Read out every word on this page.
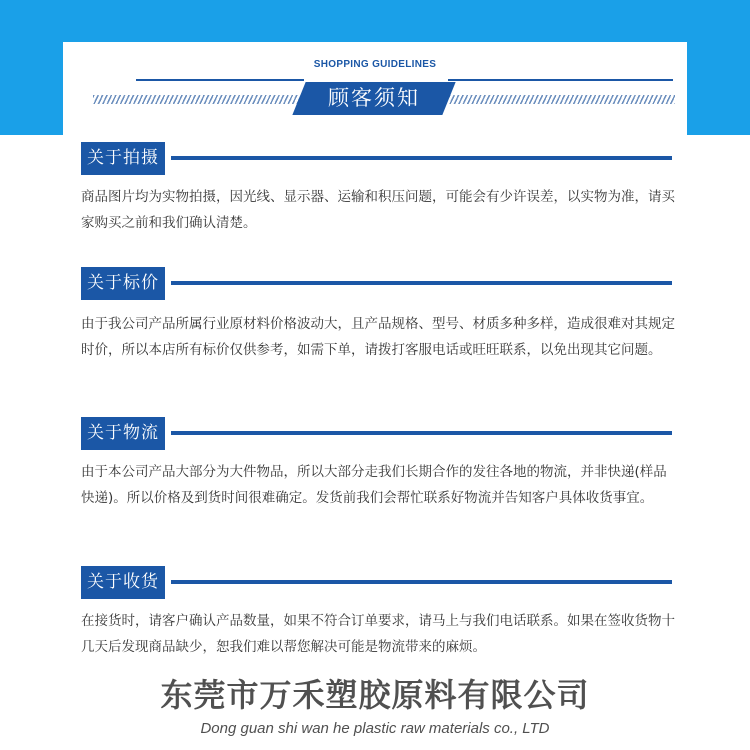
SHOPPING GUIDELINES
顾客须知
关于拍摄
商品图片均为实物拍摄，因光线、显示器、运输和积压问题，可能会有少许误差，以实物为准，请买家购买之前和我们确认清楚。
关于标价
由于我公司产品所属行业原材料价格波动大，且产品规格、型号、材质多种多样，造成很难对其规定时价，所以本店所有标价仅供参考，如需下单，请拨打客服电话或旺旺联系，以免出现其它问题。
关于物流
由于本公司产品大部分为大件物品，所以大部分走我们长期合作的发往各地的物流，并非快递(样品快递)。所以价格及到货时间很难确定。发货前我们会帮忙联系好物流并告知客户具体收货事宜。
关于收货
在接货时，请客户确认产品数量，如果不符合订单要求，请马上与我们电话联系。如果在签收货物十几天后发现商品缺少，恕我们难以帮您解决可能是物流带来的麻烦。
东莞市万禾塑胶原料有限公司
Dong guan shi wan he plastic raw materials co., LTD
